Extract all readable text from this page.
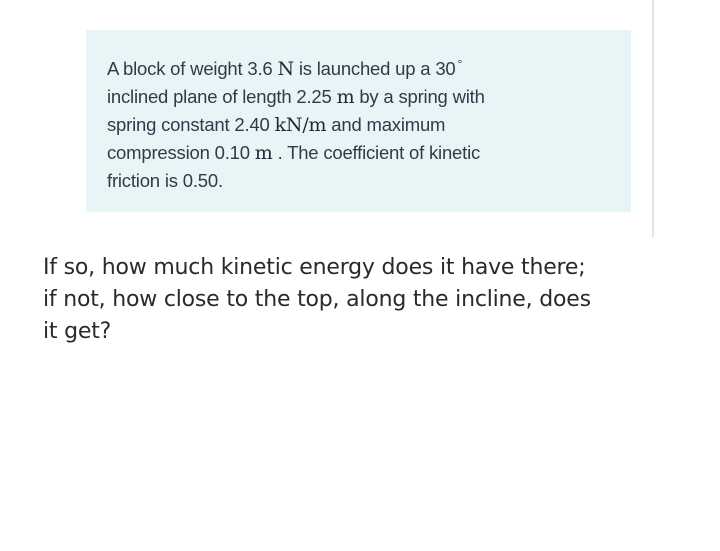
A block of weight 3.6 N is launched up a 30 °

inclined plane of length 2.25 m by a spring with

spring constant 2.40 kN/m and maximum

compression 0.10 m . The coefficient of kinetic

friction is 0.50.

If so, how much kinetic energy does it have there;

if not, how close to the top, along the incline, does

it get?
